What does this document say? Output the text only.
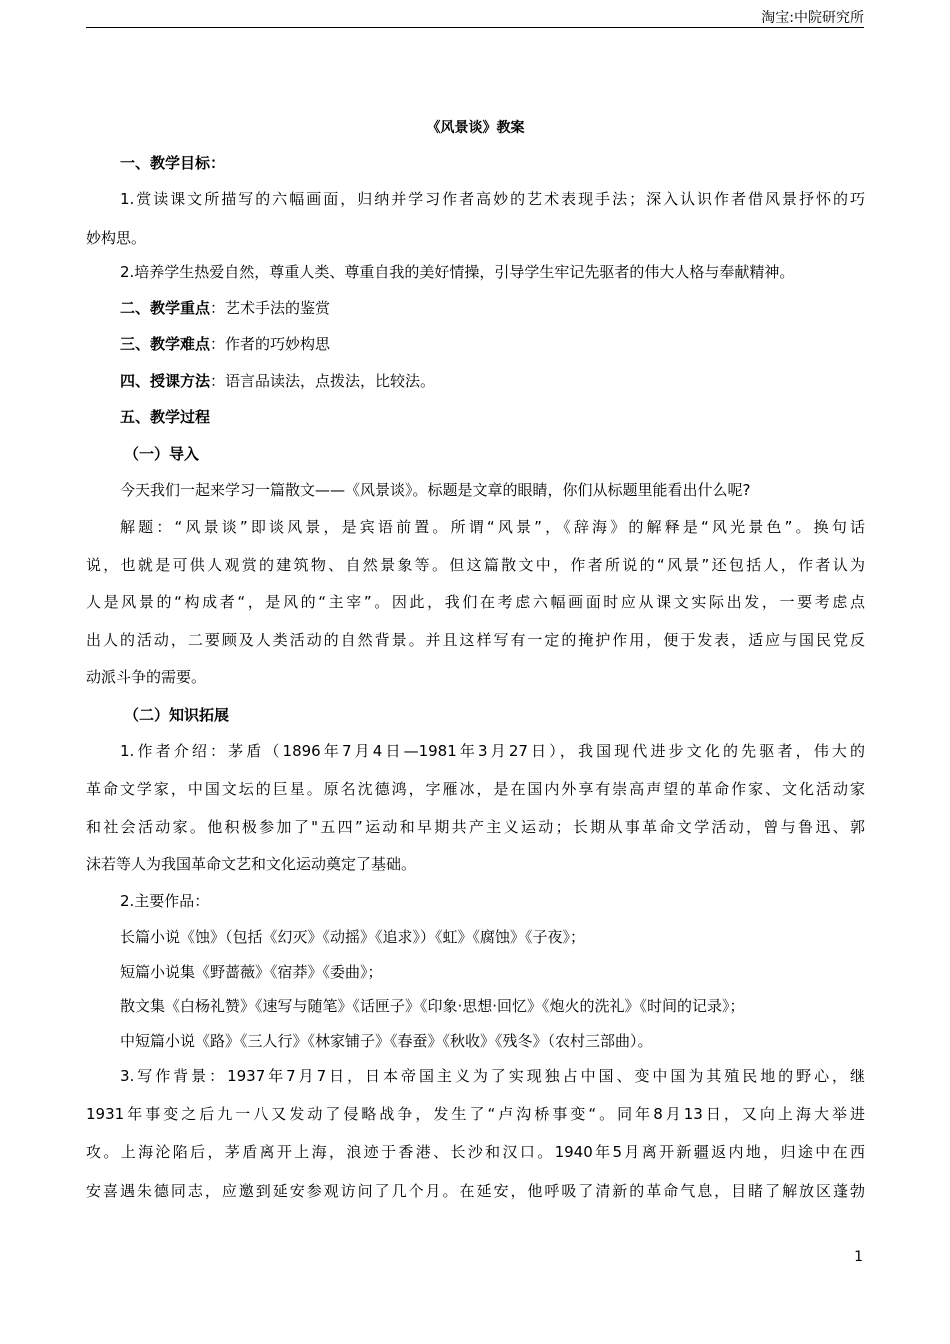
淘宝:中院研究所
《风景谈》教案
一、教学目标：
1.赏读课文所描写的六幅画面，归纳并学习作者高妙的艺术表现手法；深入认识作者借风景抒怀的巧
妙构思。
2.培养学生热爱自然，尊重人类、尊重自我的美好情操，引导学生牢记先驱者的伟大人格与奉献精神。
二、教学重点：艺术手法的鉴赏
三、教学难点：作者的巧妙构思
四、授课方法：语言品读法，点拨法，比较法。
五、教学过程
（一）导入
今天我们一起来学习一篇散文——《风景谈》。标题是文章的眼睛，你们从标题里能看出什么呢?
解题：“风景谈”即谈风景，是宾语前置。所谓“风景”，《辞海》的解释是“风光景色”。换句话
说，也就是可供人观赏的建筑物、自然景象等。但这篇散文中，作者所说的“风景”还包括人，作者认为
人是风景的“构成者“，是风的“主宰”。因此，我们在考虑六幅画面时应从课文实际出发，一要考虑点
出人的活动，二要顾及人类活动的自然背景。并且这样写有一定的掩护作用，便于发表，适应与国民党反
动派斗争的需要。
（二）知识拓展
1.作者介绍：茅盾（1896年7月4日—1981年3月27日），我国现代进步文化的先驱者，伟大的
革命文学家，中国文坛的巨星。原名沈德鸿，字雁冰，是在国内外享有崇高声望的革命作家、文化活动家
和社会活动家。他积极参加了"五四”运动和早期共产主义运动；长期从事革命文学活动，曾与鲁迅、郭
沫若等人为我国革命文艺和文化运动奠定了基础。
2.主要作品：
长篇小说《蚀》（包括《幻灭》《动摇》《追求》）《虹》《腐蚀》《子夜》；
短篇小说集《野蔷薇》《宿莽》《委曲》；
散文集《白杨礼赞》《速写与随笔》《话匣子》《印象·思想·回忆》《炮火的洗礼》《时间的记录》；
中短篇小说《路》《三人行》《林家铺子》《春蚕》《秋收》《残冬》（农村三部曲）。
3.写作背景：1937年7月7日，日本帝国主义为了实现独占中国、变中国为其殖民地的野心，继
1931年事变之后九一八又发动了侵略战争，发生了“卢沟桥事变“。同年8月13日，又向上海大举进
攻。上海沦陷后，茅盾离开上海，浪迹于香港、长沙和汉口。1940年5月离开新疆返内地，归途中在西
安喜遇朱德同志，应邀到延安参观访问了几个月。在延安，他呼吸了清新的革命气息，目睹了解放区蓬勃
1
